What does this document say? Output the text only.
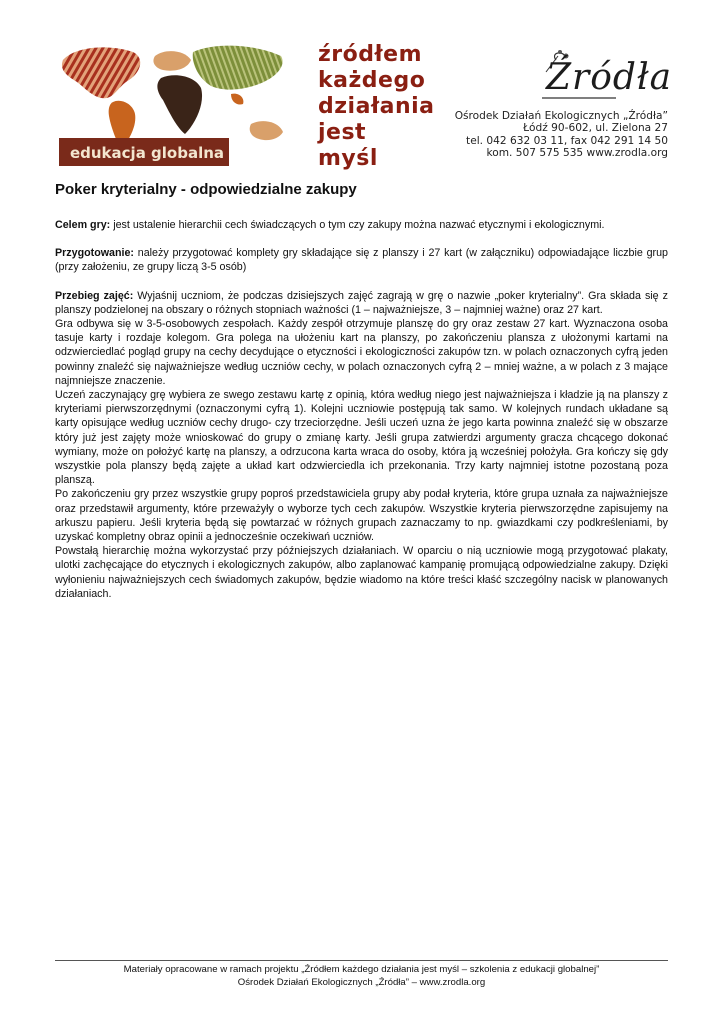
edukacja globalna
źródłem
każdego
działania
jest myśl
Źródła
Ośrodek Działań Ekologicznych „Źródła”
Łódź 90-602, ul. Zielona 27
tel. 042 632 03 11, fax 042 291 14 50
kom. 507 575 535 www.zrodla.org
Poker kryterialny - odpowiedzialne zakupy

Celem gry: jest ustalenie hierarchii cech świadczących o tym czy zakupy można nazwać etycznymi i ekologicznymi.

Przygotowanie: należy przygotować komplety gry składające się z planszy i 27 kart (w załączniku) odpowiadające liczbie grup (przy założeniu, ze grupy liczą 3-5 osób)

Przebieg zajęć: Wyjaśnij uczniom, że podczas dzisiejszych zajęć zagrają w grę o nazwie „poker kryterialny”. Gra składa się z planszy podzielonej na obszary o różnych stopniach ważności (1 – najważniejsze, 3 – najmniej ważne) oraz 27 kart.

Gra odbywa się w 3-5-osobowych zespołach. Każdy zespół otrzymuje planszę do gry oraz zestaw 27 kart. Wyznaczona osoba tasuje karty i rozdaje kolegom. Gra polega na ułożeniu kart na planszy, po zakończeniu plansza z ułożonymi kartami na odzwierciedlać pogląd grupy na cechy decydujące o etyczności i ekologiczności zakupów tzn. w polach oznaczonych cyfrą jeden powinny znaleźć się najważniejsze według uczniów cechy, w polach oznaczonych cyfrą 2 – mniej ważne, a w polach z 3 mające najmniejsze znaczenie.

Uczeń zaczynający grę wybiera ze swego zestawu kartę z opinią, która według niego jest najważniejsza i kładzie ją na planszy z kryteriami pierwszorzędnymi (oznaczonymi cyfrą 1). Kolejni uczniowie postępują tak samo. W kolejnych rundach układane są karty opisujące według uczniów cechy drugo- czy trzeciorzędne. Jeśli uczeń uzna że jego karta powinna znaleźć się w obszarze który już jest zajęty może wnioskować do grupy o zmianę karty. Jeśli grupa zatwierdzi argumenty gracza chcącego dokonać wymiany, może on położyć kartę na planszy, a odrzucona karta wraca do osoby, która ją wcześniej położyła. Gra kończy się gdy wszystkie pola planszy będą zajęte a układ kart odzwierciedla ich przekonania. Trzy karty najmniej istotne pozostaną poza planszą.

Po zakończeniu gry przez wszystkie grupy poproś przedstawiciela grupy aby podał kryteria, które grupa uznała za najważniejsze oraz przedstawił argumenty, które przeważyły o wyborze tych cech zakupów. Wszystkie kryteria pierwszorzędne zapisujemy na arkuszu papieru. Jeśli kryteria będą się powtarzać w różnych grupach zaznaczamy to np. gwiazdkami czy podkreśleniami, by uzyskać kompletny obraz opinii a jednocześnie oczekiwań uczniów.

Powstałą hierarchię można wykorzystać przy późniejszych działaniach. W oparciu o nią uczniowie mogą przygotować plakaty, ulotki zachęcające do etycznych i ekologicznych zakupów, albo zaplanować kampanię promującą odpowiedzialne zakupy. Dzięki wyłonieniu najważniejszych cech świadomych zakupów, będzie wiadomo na które treści kłaść szczególny nacisk w planowanych działaniach.

Materiały opracowane w ramach projektu „Źródłem każdego działania jest myśl – szkolenia z edukacji globalnej”
Ośrodek Działań Ekologicznych „Źródła” – www.zrodla.org
